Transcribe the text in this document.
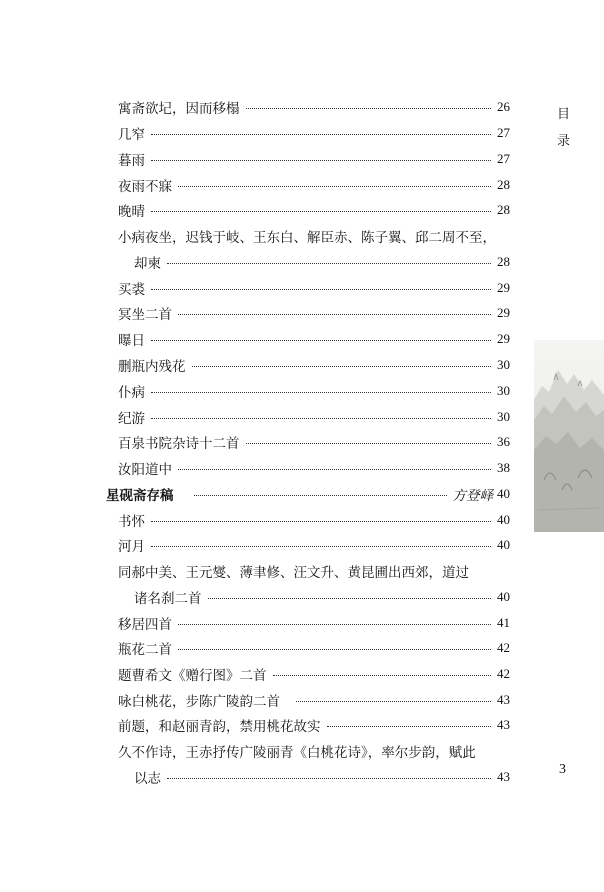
寓斋欲圮，因而移榻	26
几窄	27
暮雨	27
夜雨不寐	28
晚晴	28
小病夜坐，迟钱于岐、王东白、解臣赤、陈子翼、邱二周不至，
却柬	28
买裘	29
冥坐二首	29
曝日	29
删瓶内残花	30
仆病	30
纪游	30
百泉书院杂诗十二首	36
汝阳道中	38
星砚斋存稿	方登峄 40
书怀	40
河月	40
同郝中美、王元燮、薄聿修、汪文升、黄昆圃出西郊，道过
诸名刹二首	40
移居四首	41
瓶花二首	42
题曹希文《赠行图》二首	42
咏白桃花，步陈广陵韵二首	43
前题，和赵丽青韵，禁用桃花故实	43
久不作诗，王赤抒传广陵丽青《白桃花诗》，率尔步韵，赋此
以志	43
目
录
3
